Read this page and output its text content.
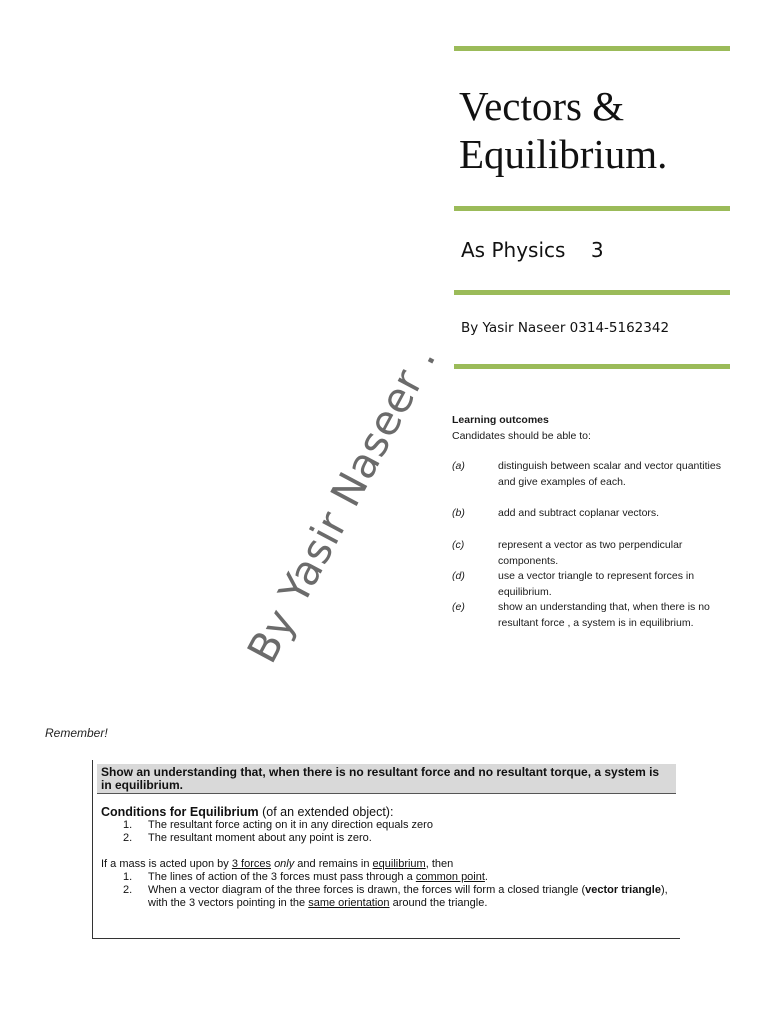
Vectors &
Equilibrium.
As Physics    3
By Yasir Naseer 0314-5162342
Learning outcomes
Candidates should be able to:
(a)	distinguish between scalar and vector quantities and give examples of each.
(b)	add and subtract coplanar vectors.
(c)	represent a vector as two perpendicular components.
(d)	use a vector triangle to represent forces in equilibrium.
(e)	show an understanding that, when there is no resultant force , a system is in equilibrium.
By Yasir Naseer .
Remember!
Show an understanding that, when there is no resultant force and no resultant torque, a system is in equilibrium.
Conditions for Equilibrium (of an extended object):
1. The resultant force acting on it in any direction equals zero
2. The resultant moment about any point is zero.
If a mass is acted upon by 3 forces only and remains in equilibrium, then
1. The lines of action of the 3 forces must pass through a common point.
2. When a vector diagram of the three forces is drawn, the forces will form a closed triangle (vector triangle), with the 3 vectors pointing in the same orientation around the triangle.
